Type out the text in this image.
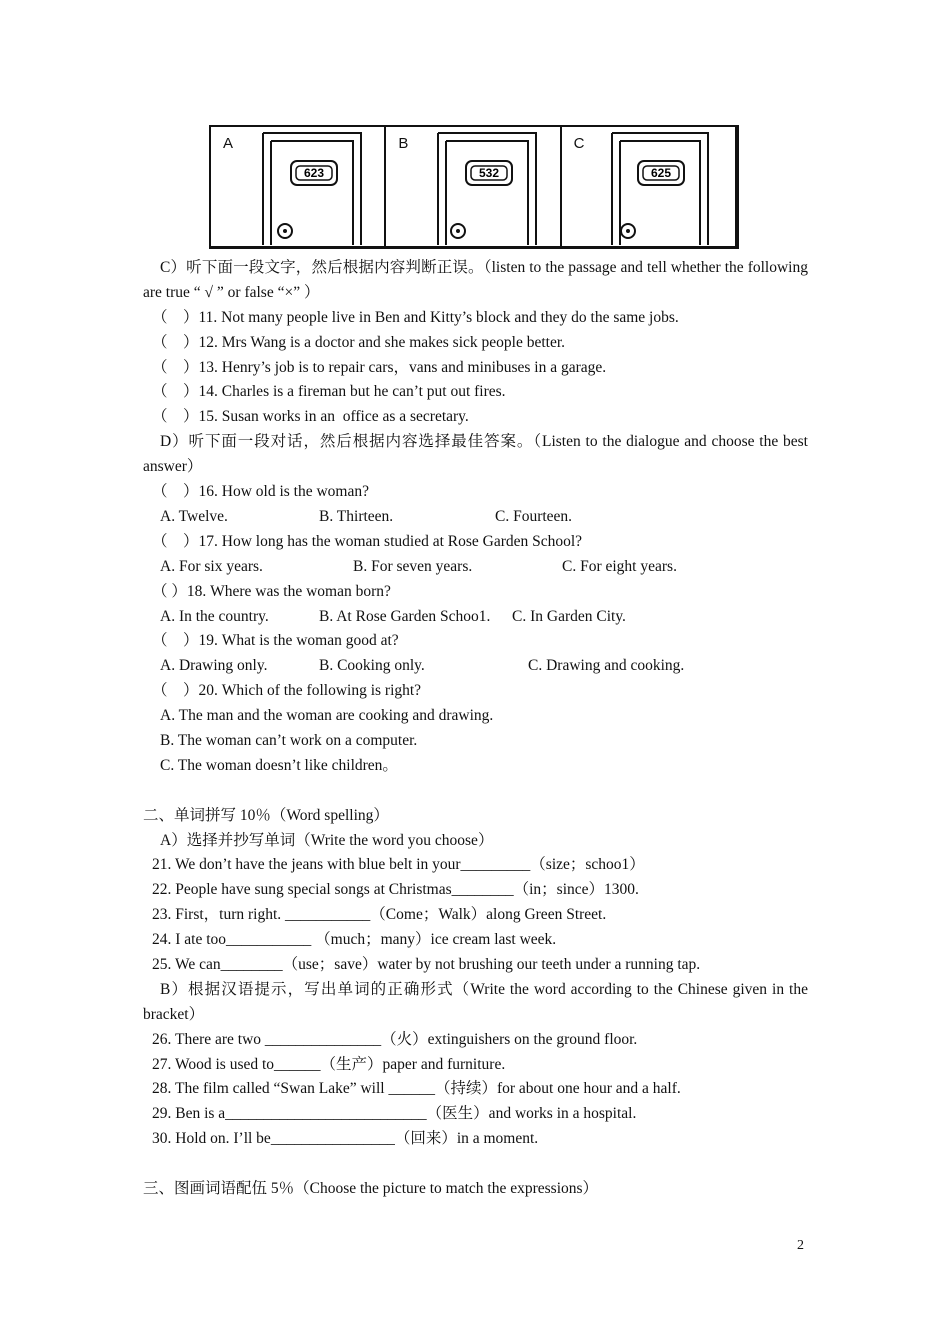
A
623
B
532
C
625
C）听下面一段文字，然后根据内容判断正误。（listen to the passage and tell whether the following are true “ √ ” or false “×” ）
（　）11. Not many people live in Ben and Kitty’s block and they do the same jobs.
（　）12. Mrs Wang is a doctor and she makes sick people better.
（　）13. Henry’s job is to repair cars，vans and minibuses in a garage.
（　）14. Charles is a fireman but he can’t put out fires.
（　）15. Susan works in an  office as a secretary.
D）听下面一段对话，然后根据内容选择最佳答案。（Listen to the dialogue and choose the best answer）
（　）16. How old is the woman?
A. Twelve.	B. Thirteen.	C. Fourteen.
（　）17. How long has the woman studied at Rose Garden School?
A. For six years.	B. For seven years.	C. For eight years.
（ ）18. Where was the woman born?
A. In the country.	B. At Rose Garden Schoo1.	C. In Garden City.
（　）19. What is the woman good at?
A. Drawing only.	B. Cooking only.	C. Drawing and cooking.
（　）20. Which of the following is right?
A. The man and the woman are cooking and drawing.
B. The woman can’t work on a computer.
C. The woman doesn’t like children。
二、单词拼写 10％（Word spelling）
A）选择并抄写单词（Write the word you choose）
21. We don’t have the jeans with blue belt in your_________（size；schoo1）
22. People have sung special songs at Christmas________（in；since）1300.
23. First，turn right. ___________（Come；Walk）along Green Street.
24. I ate too___________ （much；many）ice cream last week.
25. We can________（use；save）water by not brushing our teeth under a running tap.
B）根据汉语提示，写出单词的正确形式（Write the word according to the Chinese given in the bracket）
26. There are two _______________（火）extinguishers on the ground floor.
27. Wood is used to______（生产）paper and furniture.
28. The film called “Swan Lake” will ______（持续）for about one hour and a half.
29. Ben is a__________________________（医生）and works in a hospital.
30. Hold on. I’ll be________________（回来）in a moment.
三、图画词语配伍 5％（Choose the picture to match the expressions）
2
